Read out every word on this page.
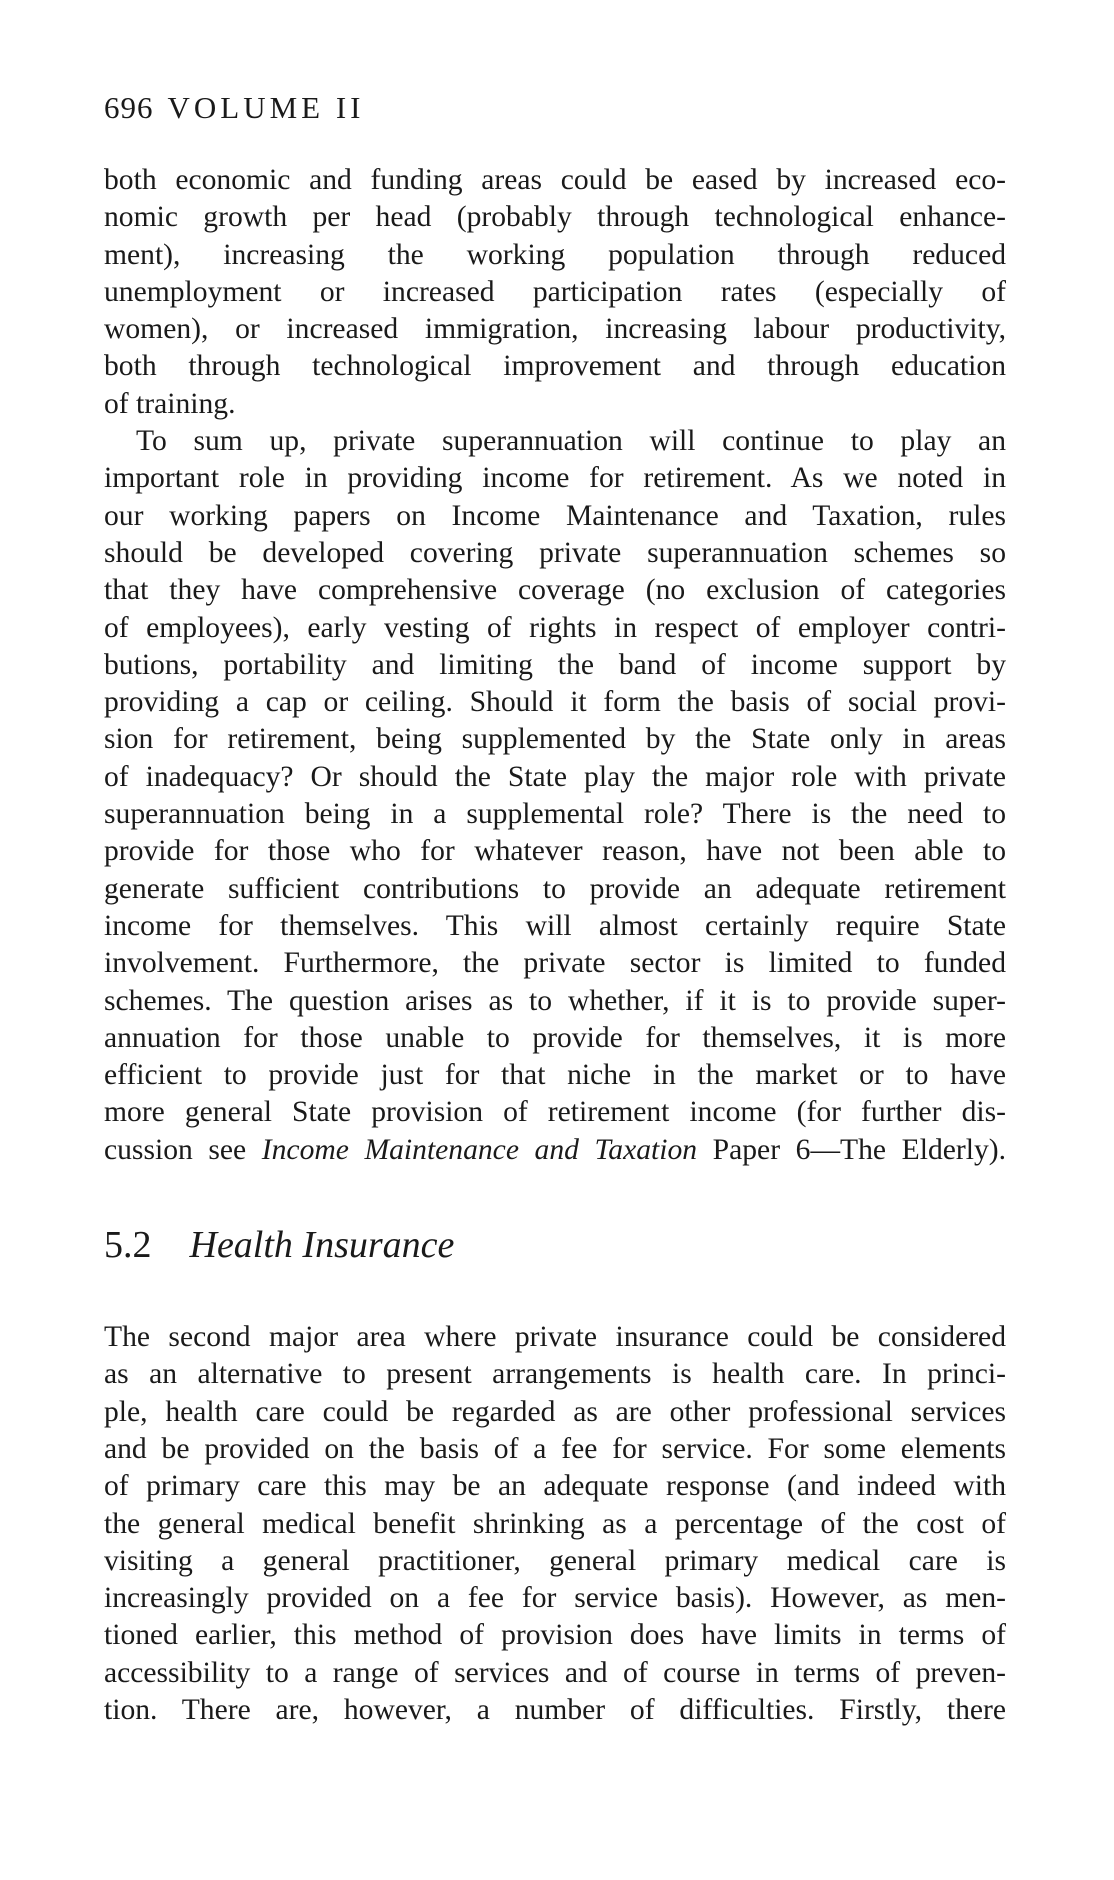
696 VOLUME II

both economic and funding areas could be eased by increased eco-
nomic growth per head (probably through technological enhance-
ment), increasing the working population through reduced
unemployment or increased participation rates (especially of
women), or increased immigration, increasing labour productivity,
both through technological improvement and through education
of training.

To sum up, private superannuation will continue to play an
important role in providing income for retirement. As we noted in
our working papers on Income Maintenance and Taxation, rules
should be developed covering private superannuation schemes so
that they have comprehensive coverage (no exclusion of categories
of employees), early vesting of rights in respect of employer contri-
butions, portability and limiting the band of income support by
providing a cap or ceiling. Should it form the basis of social provi-
sion for retirement, being supplemented by the State only in areas
of inadequacy? Or should the State play the major role with private
superannuation being in a supplemental role? There is the need to
provide for those who for whatever reason, have not been able to
generate sufficient contributions to provide an adequate retirement
income for themselves. This will almost certainly require State
involvement. Furthermore, the private sector is limited to funded
schemes. The question arises as to whether, if it is to provide super-
annuation for those unable to provide for themselves, it is more
efficient to provide just for that niche in the market or to have
more general State provision of retirement income (for further dis-
cussion see Income Maintenance and Taxation Paper 6—The Elderly).

5.2 Health Insurance

The second major area where private insurance could be considered
as an alternative to present arrangements is health care. In princi-
ple, health care could be regarded as are other professional services
and be provided on the basis of a fee for service. For some elements
of primary care this may be an adequate response (and indeed with
the general medical benefit shrinking as a percentage of the cost of
visiting a general practitioner, general primary medical care is
increasingly provided on a fee for service basis). However, as men-
tioned earlier, this method of provision does have limits in terms of
accessibility to a range of services and of course in terms of preven-
tion. There are, however, a number of difficulties. Firstly, there
